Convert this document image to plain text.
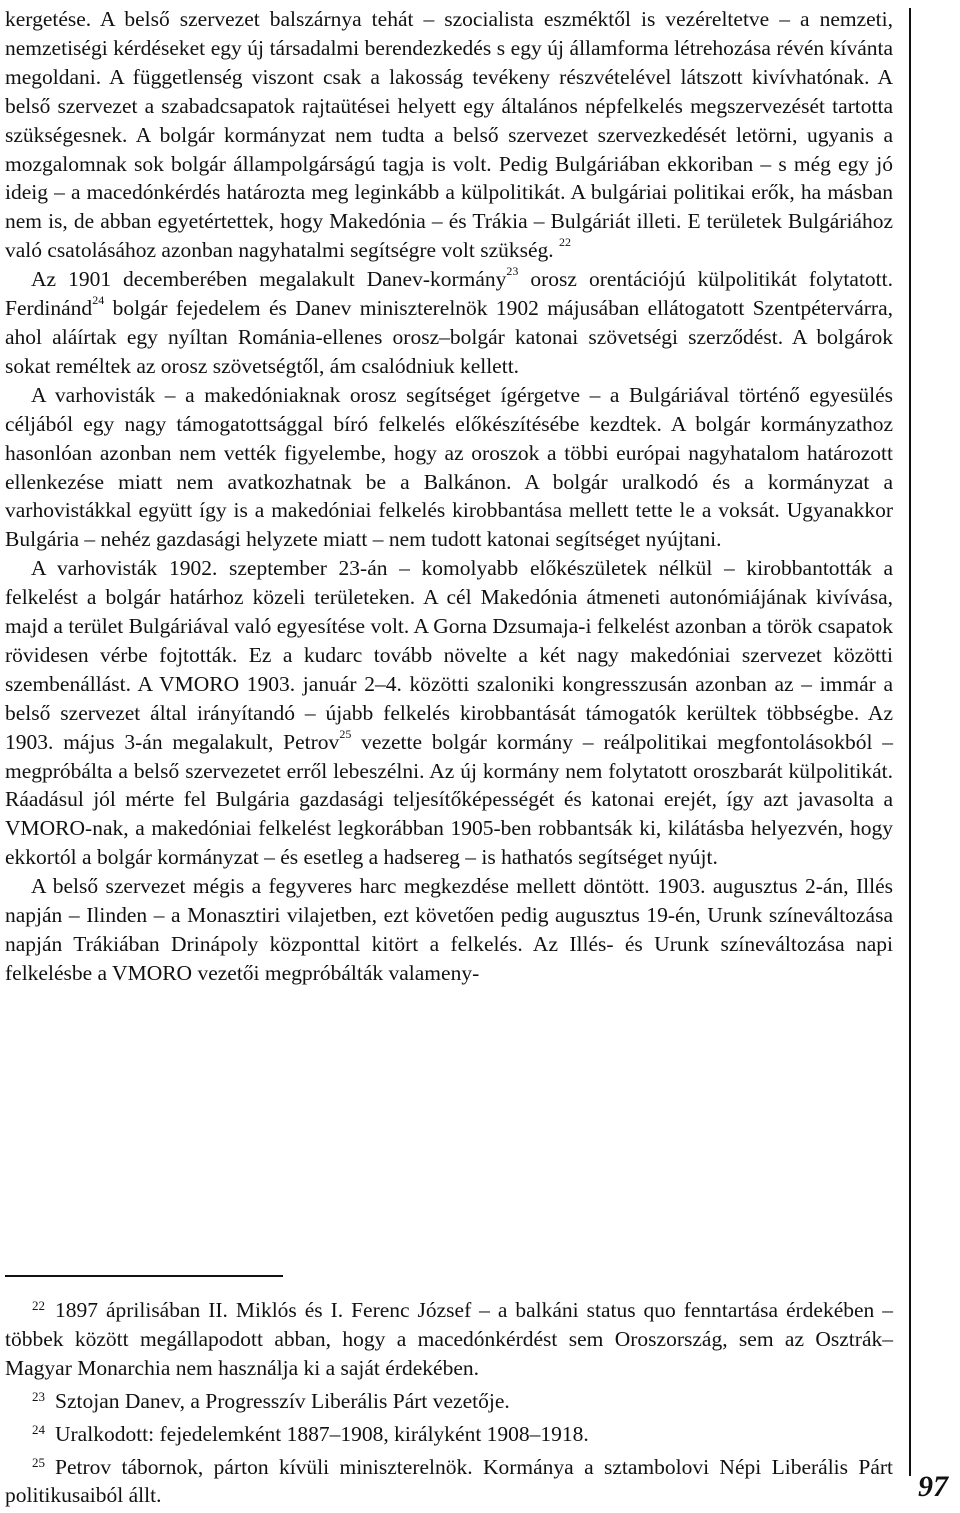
kergetése. A belső szervezet balszárnya tehát – szocialista eszméktől is vezéreltetve – a nemzeti, nemzetiségi kérdéseket egy új társadalmi berendezkedés s egy új államforma létrehozása révén kívánta megoldani. A függetlenség viszont csak a lakosság tevékeny részvételével látszott kivívhatónak. A belső szervezet a szabadcsapatok rajtaütései helyett egy általános népfelkelés megszervezését tartotta szükségesnek. A bolgár kormányzat nem tudta a belső szervezet szervezkedését letörni, ugyanis a mozgalomnak sok bolgár állampolgárságú tagja is volt. Pedig Bulgáriában ekkoriban – s még egy jó ideig – a macedónkérdés határozta meg leginkább a külpolitikát. A bulgáriai politikai erők, ha másban nem is, de abban egyetértettek, hogy Makedónia – és Trákia – Bulgáriát illeti. E területek Bulgáriához való csatolásához azonban nagyhatalmi segítségre volt szükség. $^{22}$

Az 1901 decemberében megalakult Danev-kormány$^{23}$ orosz orentációjú külpolitikát folytatott. Ferdinánd$^{24}$ bolgár fejedelem és Danev miniszterelnök 1902 májusában ellátogatott Szentpétervárra, ahol aláírtak egy nyíltan Románia-ellenes orosz–bolgár katonai szövetségi szerződést. A bolgárok sokat reméltek az orosz szövetségtől, ám csalódniuk kellett.

A varhovisták – a makedóniaknak orosz segítséget ígérgetve – a Bulgáriával történő egyesülés céljából egy nagy támogatottsággal bíró felkelés előkészítésébe kezdtek. A bolgár kormányzathoz hasonlóan azonban nem vették figyelembe, hogy az oroszok a többi európai nagyhatalom határozott ellenkezése miatt nem avatkozhatnak be a Balkánon. A bolgár uralkodó és a kormányzat a varhovistákkal együtt így is a makedóniai felkelés kirobbantása mellett tette le a voksát. Ugyanakkor Bulgária – nehéz gazdasági helyzete miatt – nem tudott katonai segítséget nyújtani.

A varhovisták 1902. szeptember 23-án – komolyabb előkészületek nélkül – kirobbantották a felkelést a bolgár határhoz közeli területeken. A cél Makedónia átmeneti autonómiájának kivívása, majd a terület Bulgáriával való egyesítése volt. A Gorna Dzsumaja-i felkelést azonban a török csapatok rövidesen vérbe fojtották. Ez a kudarc tovább növelte a két nagy makedóniai szervezet közötti szembenállást. A VMORO 1903. január 2–4. közötti szaloniki kongresszusán azonban az – immár a belső szervezet által irányítandó – újabb felkelés kirobbantását támogatók kerültek többségbe. Az 1903. május 3-án megalakult, Petrov$^{25}$ vezette bolgár kormány – reálpolitikai megfontolásokból – megpróbálta a belső szervezetet erről lebeszélni. Az új kormány nem folytatott oroszbarát külpolitikát. Ráadásul jól mérte fel Bulgária gazdasági teljesítőképességét és katonai erejét, így azt javasolta a VMORO-nak, a makedóniai felkelést legkorábban 1905-ben robbantsák ki, kilátásba helyezvén, hogy ekkortól a bolgár kormányzat – és esetleg a hadsereg – is hathatós segítséget nyújt.

A belső szervezet mégis a fegyveres harc megkezdése mellett döntött. 1903. augusztus 2-án, Illés napján – Ilinden – a Monasztiri vilajetben, ezt követően pedig augusztus 19-én, Urunk színeváltozása napján Trákiában Drinápoly központtal kitört a felkelés. Az Illés- és Urunk színeváltozása napi felkelésbe a VMORO vezetői megpróbálták valameny-

22 1897 áprilisában II. Miklós és I. Ferenc József – a balkáni status quo fenntartása érdekében – többek között megállapodott abban, hogy a macedónkérdést sem Oroszország, sem az Osztrák–Magyar Monarchia nem használja ki a saját érdekében.

23 Sztojan Danev, a Progresszív Liberális Párt vezetője.

24 Uralkodott: fejedelemként 1887–1908, királyként 1908–1918.

25 Petrov tábornok, párton kívüli miniszterelnök. Kormánya a sztambolovi Népi Liberális Párt politikusaiból állt.	97
